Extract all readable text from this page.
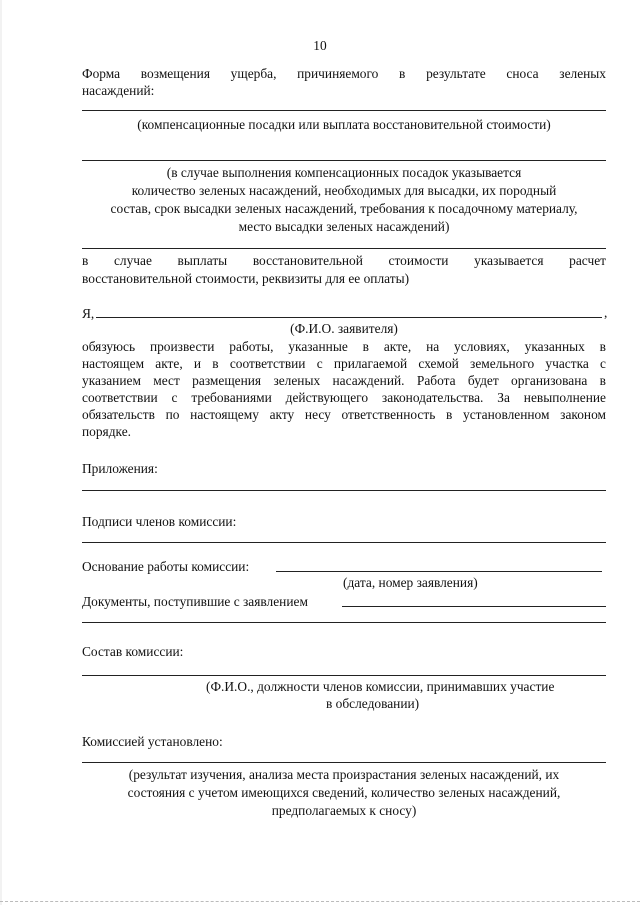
10
Форма возмещения ущерба, причиняемого в результате сноса зеленых
насаждений:
(компенсационные посадки или выплата восстановительной стоимости)
(в случае выполнения компенсационных посадок указывается
количество зеленых насаждений, необходимых для высадки, их породный
состав, срок высадки зеленых насаждений, требования к посадочному материалу,
место высадки зеленых насаждений)
в случае выплаты восстановительной стоимости указывается расчет
восстановительной стоимости, реквизиты для ее оплаты)
Я,	,
(Ф.И.О. заявителя)
обязуюсь произвести работы, указанные в акте, на условиях, указанных в
настоящем акте, и в соответствии с прилагаемой схемой земельного участка с
указанием мест размещения зеленых насаждений. Работа будет организована в
соответствии с требованиями действующего законодательства. За невыполнение
обязательств по настоящему акту несу ответственность в установленном законом
порядке.
Приложения:
Подписи членов комиссии:
Основание работы комиссии:
(дата, номер заявления)
Документы, поступившие с заявлением
Состав комиссии:
(Ф.И.О., должности членов комиссии, принимавших участие
в обследовании)
Комиссией установлено:
(результат изучения, анализа места произрастания зеленых насаждений, их
состояния с учетом имеющихся сведений, количество зеленых насаждений,
предполагаемых к сносу)
